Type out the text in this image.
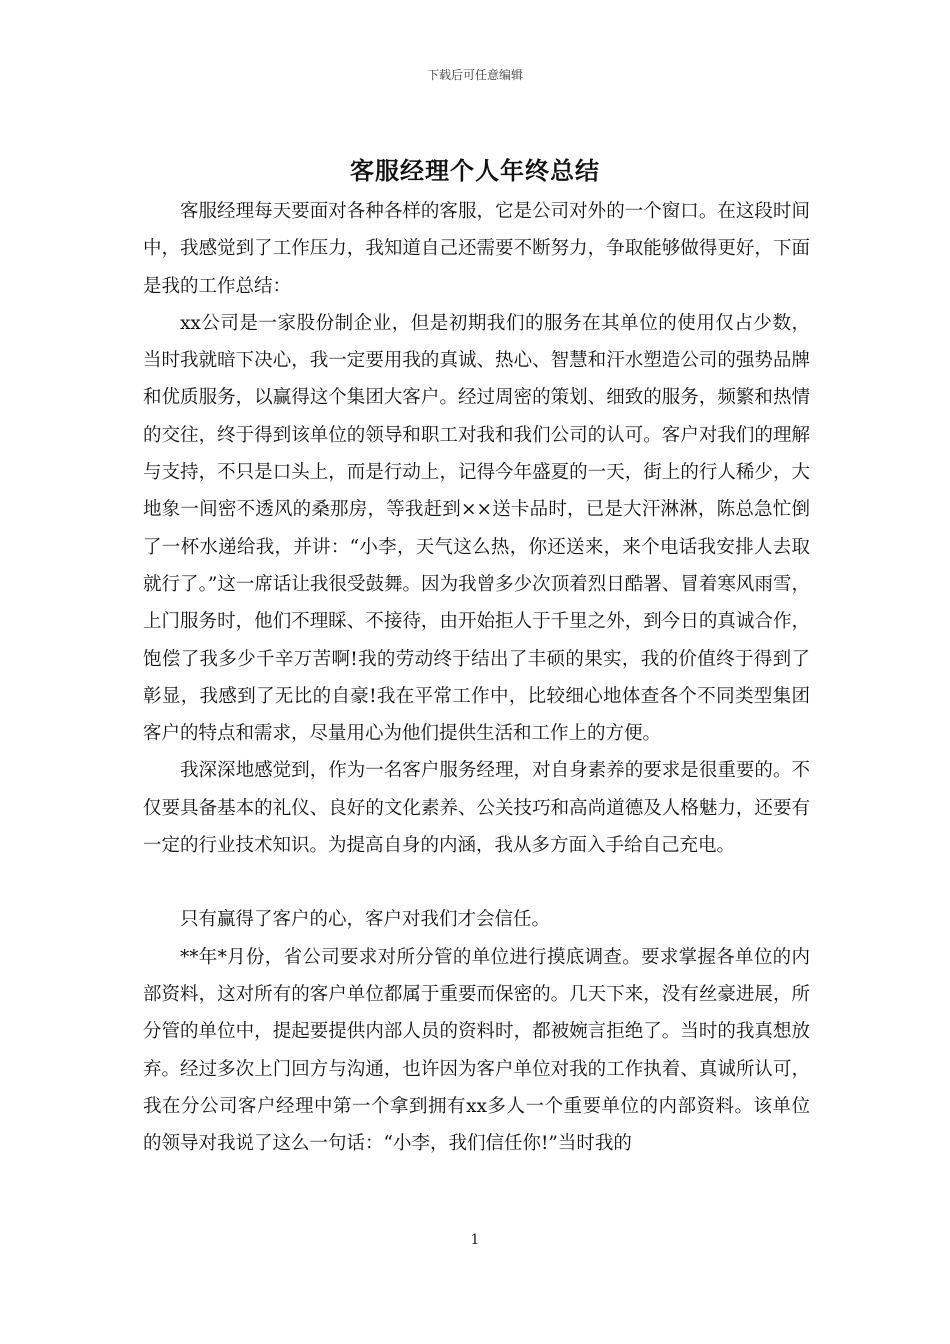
下载后可任意编辑
客服经理个人年终总结

客服经理每天要面对各种各样的客服，它是公司对外的一个窗口。在这段时间中，我感觉到了工作压力，我知道自己还需要不断努力，争取能够做得更好，下面是我的工作总结：

xx公司是一家股份制企业，但是初期我们的服务在其单位的使用仅占少数，当时我就暗下决心，我一定要用我的真诚、热心、智慧和汗水塑造公司的强势品牌和优质服务，以赢得这个集团大客户。经过周密的策划、细致的服务，频繁和热情的交往，终于得到该单位的领导和职工对我和我们公司的认可。客户对我们的理解与支持，不只是口头上，而是行动上，记得今年盛夏的一天，街上的行人稀少，大地象一间密不透风的桑那房，等我赶到××送卡品时，已是大汗淋淋，陈总急忙倒了一杯水递给我，并讲：“小李，天气这么热，你还送来，来个电话我安排人去取就行了。”这一席话让我很受鼓舞。因为我曾多少次顶着烈日酷署、冒着寒风雨雪，上门服务时，他们不理睬、不接待，由开始拒人于千里之外，到今日的真诚合作，饱偿了我多少千辛万苦啊!我的劳动终于结出了丰硕的果实，我的价值终于得到了彰显，我感到了无比的自豪!我在平常工作中，比较细心地体查各个不同类型集团客户的特点和需求，尽量用心为他们提供生活和工作上的方便。

我深深地感觉到，作为一名客户服务经理，对自身素养的要求是很重要的。不仅要具备基本的礼仪、良好的文化素养、公关技巧和高尚道德及人格魅力，还要有一定的行业技术知识。为提高自身的内涵，我从多方面入手给自己充电。

只有赢得了客户的心，客户对我们才会信任。

**年*月份，省公司要求对所分管的单位进行摸底调查。要求掌握各单位的内部资料，这对所有的客户单位都属于重要而保密的。几天下来，没有丝豪进展，所分管的单位中，提起要提供内部人员的资料时，都被婉言拒绝了。当时的我真想放弃。经过多次上门回方与沟通，也许因为客户单位对我的工作执着、真诚所认可，我在分公司客户经理中第一个拿到拥有xx多人一个重要单位的内部资料。该单位的领导对我说了这么一句话：“小李，我们信任你!”当时我的

1
